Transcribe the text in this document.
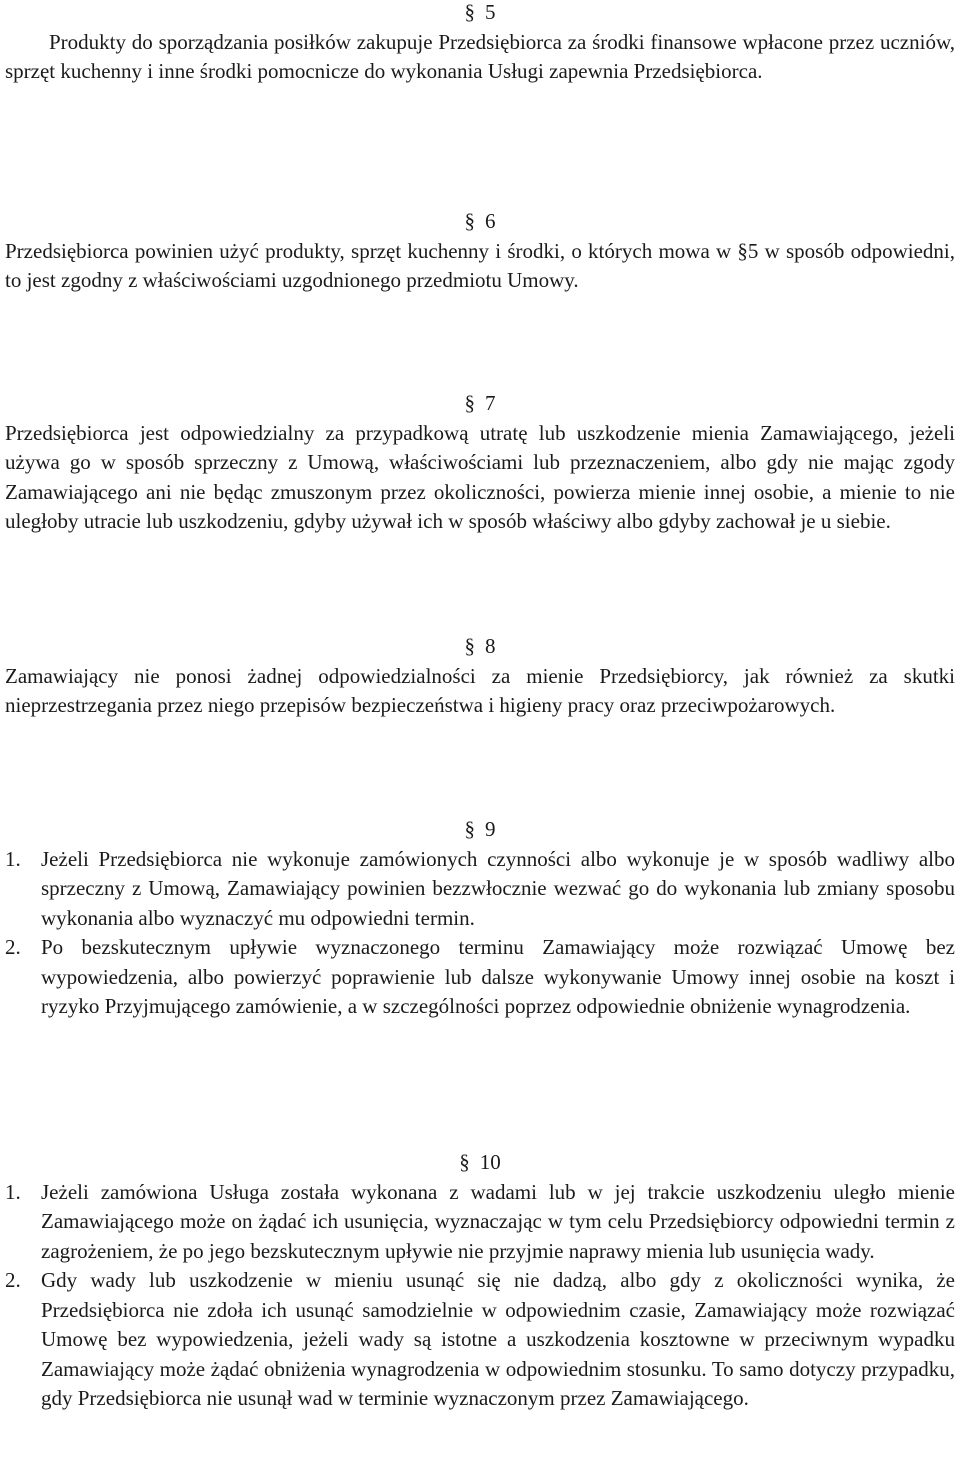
§ 5

Produkty do sporządzania posiłków zakupuje Przedsiębiorca za środki finansowe wpłacone przez uczniów, sprzęt kuchenny i inne środki pomocnicze do wykonania Usługi zapewnia Przedsiębiorca.

§ 6

Przedsiębiorca powinien użyć produkty, sprzęt kuchenny i środki, o których mowa w §5 w sposób odpowiedni, to jest zgodny z właściwościami uzgodnionego przedmiotu Umowy.

§ 7

Przedsiębiorca jest odpowiedzialny za przypadkową utratę lub uszkodzenie mienia Zamawiającego, jeżeli używa go w sposób sprzeczny z Umową, właściwościami lub przeznaczeniem, albo gdy nie mając zgody Zamawiającego ani nie będąc zmuszonym przez okoliczności, powierza mienie innej osobie, a mienie to nie uległoby utracie lub uszkodzeniu, gdyby używał ich w sposób właściwy albo gdyby zachował je u siebie.

§ 8

Zamawiający nie ponosi żadnej odpowiedzialności za mienie Przedsiębiorcy, jak również za skutki nieprzestrzegania przez niego przepisów bezpieczeństwa i higieny pracy oraz przeciwpożarowych.

§ 9
1. Jeżeli Przedsiębiorca nie wykonuje zamówionych czynności albo wykonuje je w sposób wadliwy albo sprzeczny z Umową, Zamawiający powinien bezzwłocznie wezwać go do wykonania lub zmiany sposobu wykonania albo wyznaczyć mu odpowiedni termin.
2. Po bezskutecznym upływie wyznaczonego terminu Zamawiający może rozwiązać Umowę bez wypowiedzenia, albo powierzyć poprawienie lub dalsze wykonywanie Umowy innej osobie na koszt i ryzyko Przyjmującego zamówienie, a w szczególności poprzez odpowiednie obniżenie wynagrodzenia.
§ 10
1. Jeżeli zamówiona Usługa została wykonana z wadami lub w jej trakcie uszkodzeniu uległo mienie Zamawiającego może on żądać ich usunięcia, wyznaczając w tym celu Przedsiębiorcy odpowiedni termin z zagrożeniem, że po jego bezskutecznym upływie nie przyjmie naprawy mienia lub usunięcia wady.
2. Gdy wady lub uszkodzenie w mieniu usunąć się nie dadzą, albo gdy z okoliczności wynika, że Przedsiębiorca nie zdoła ich usunąć samodzielnie w odpowiednim czasie, Zamawiający może rozwiązać Umowę bez wypowiedzenia, jeżeli wady są istotne a uszkodzenia kosztowne w przeciwnym wypadku Zamawiający może żądać obniżenia wynagrodzenia w odpowiednim stosunku. To samo dotyczy przypadku, gdy Przedsiębiorca nie usunął wad w terminie wyznaczonym przez Zamawiającego.
